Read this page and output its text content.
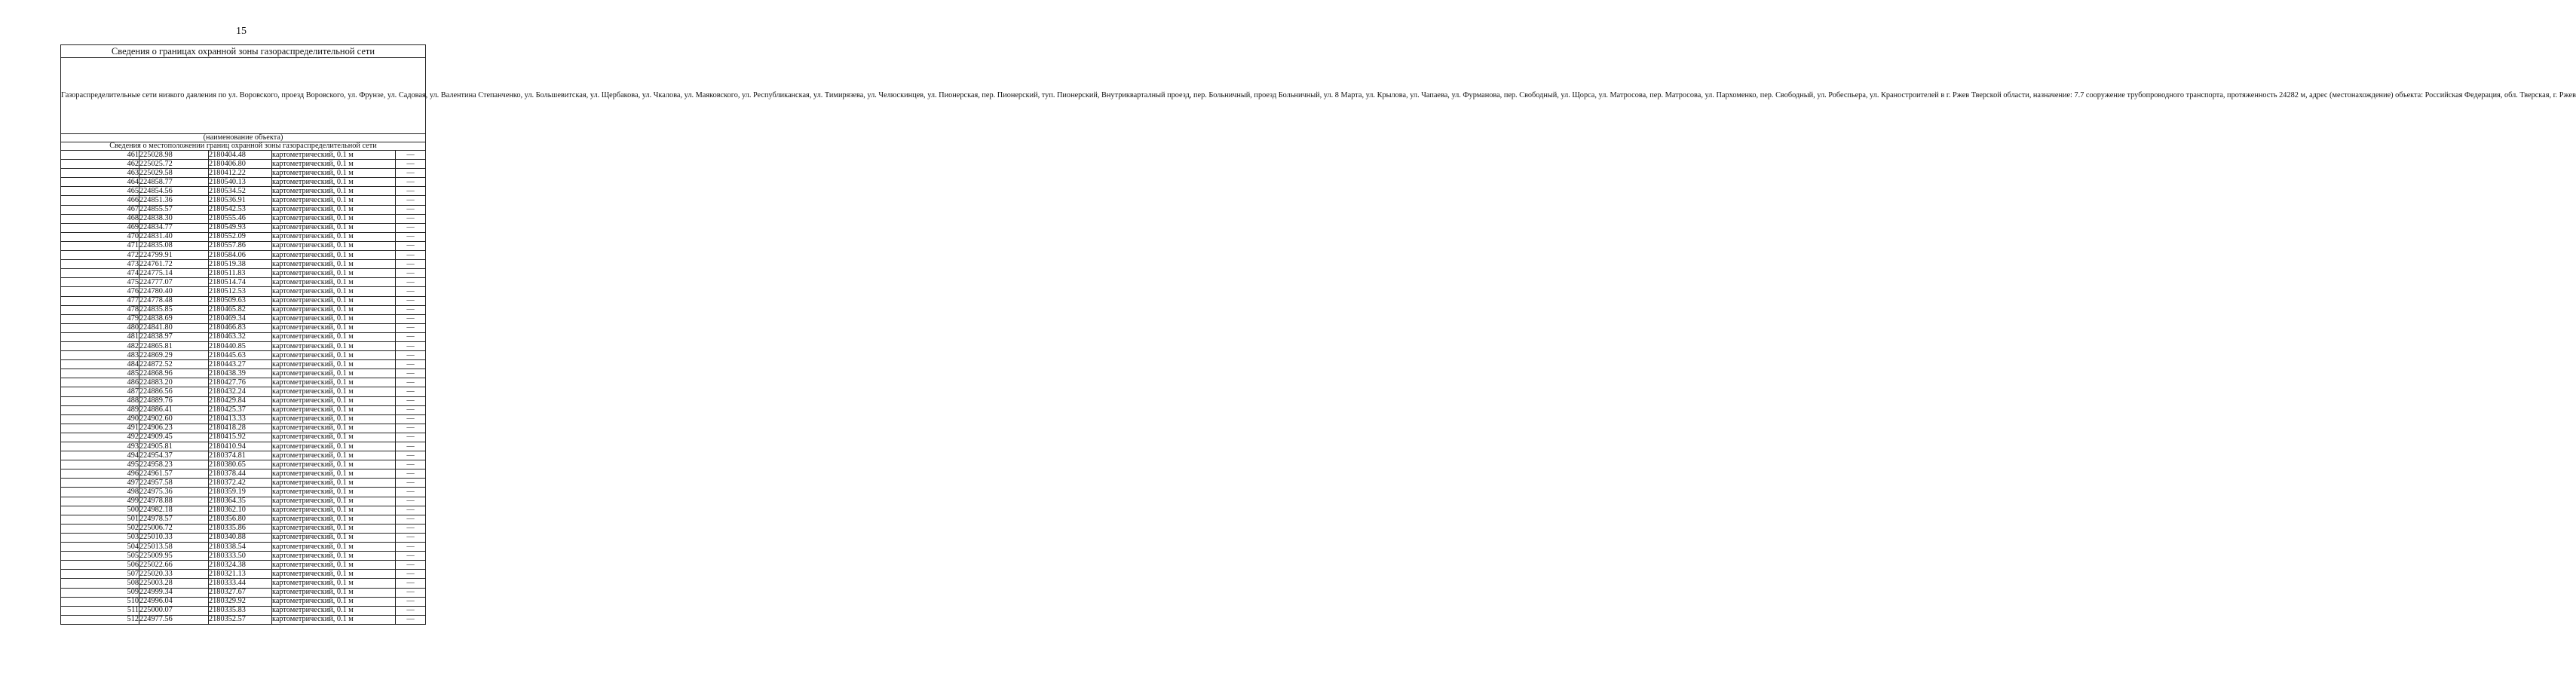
15
Сведения о границах охранной зоны газораспределительной сети				
Газораспределительные сети низкого давления по ул. Воровского, проезд Воровского, ул. Фрунзе, ул. Садовая, ул. Валентина Степанченко, ул. Большевитская, ул. Щербакова, ул. Чкалова, ул. Маяковского, ул. Республиканская, ул. Тимирязева, ул. Челюскинцев, ул. Пионерская, пер. Пионерский, туп. Пионерский, Внутрикварталный проезд, пер. Больничный, проезд Больничный, ул. 8 Марта, ул. Крылова, ул. Чапаева, ул. Фурманова, пер. Свободный, ул. Щорса, ул. Матросова, пер. Матросова, ул. Пархоменко, пер. Свободный, ул. Робеспьера, ул. Краностроителей в г. Ржев Тверской области, назначение: 7.7 сооружение трубопроводного транспорта, протяженность 24282 м, адрес (местонахождение) объекта: Российская Федерация, обл. Тверская, г. Ржев				
(наименование объекта)				
Сведения о местоположении границ охранной зоны газораспределительной сети				
461	225028.98	2180404.48	картометрический, 0.1 м	—
462	225025.72	2180406.80	картометрический, 0.1 м	—
463	225029.58	2180412.22	картометрический, 0.1 м	—
464	224858.77	2180540.13	картометрический, 0.1 м	—
465	224854.56	2180534.52	картометрический, 0.1 м	—
466	224851.36	2180536.91	картометрический, 0.1 м	—
467	224855.57	2180542.53	картометрический, 0.1 м	—
468	224838.30	2180555.46	картометрический, 0.1 м	—
469	224834.77	2180549.93	картометрический, 0.1 м	—
470	224831.40	2180552.09	картометрический, 0.1 м	—
471	224835.08	2180557.86	картометрический, 0.1 м	—
472	224799.91	2180584.06	картометрический, 0.1 м	—
473	224761.72	2180519.38	картометрический, 0.1 м	—
474	224775.14	2180511.83	картометрический, 0.1 м	—
475	224777.07	2180514.74	картометрический, 0.1 м	—
476	224780.40	2180512.53	картометрический, 0.1 м	—
477	224778.48	2180509.63	картометрический, 0.1 м	—
478	224835.85	2180465.82	картометрический, 0.1 м	—
479	224838.69	2180469.34	картометрический, 0.1 м	—
480	224841.80	2180466.83	картометрический, 0.1 м	—
481	224838.97	2180463.32	картометрический, 0.1 м	—
482	224865.81	2180440.85	картометрический, 0.1 м	—
483	224869.29	2180445.63	картометрический, 0.1 м	—
484	224872.52	2180443.27	картометрический, 0.1 м	—
485	224868.96	2180438.39	картометрический, 0.1 м	—
486	224883.20	2180427.76	картометрический, 0.1 м	—
487	224886.56	2180432.24	картометрический, 0.1 м	—
488	224889.76	2180429.84	картометрический, 0.1 м	—
489	224886.41	2180425.37	картометрический, 0.1 м	—
490	224902.60	2180413.33	картометрический, 0.1 м	—
491	224906.23	2180418.28	картометрический, 0.1 м	—
492	224909.45	2180415.92	картометрический, 0.1 м	—
493	224905.81	2180410.94	картометрический, 0.1 м	—
494	224954.37	2180374.81	картометрический, 0.1 м	—
495	224958.23	2180380.65	картометрический, 0.1 м	—
496	224961.57	2180378.44	картометрический, 0.1 м	—
497	224957.58	2180372.42	картометрический, 0.1 м	—
498	224975.36	2180359.19	картометрический, 0.1 м	—
499	224978.88	2180364.35	картометрический, 0.1 м	—
500	224982.18	2180362.10	картометрический, 0.1 м	—
501	224978.57	2180356.80	картометрический, 0.1 м	—
502	225006.72	2180335.86	картометрический, 0.1 м	—
503	225010.33	2180340.88	картометрический, 0.1 м	—
504	225013.58	2180338.54	картометрический, 0.1 м	—
505	225009.95	2180333.50	картометрический, 0.1 м	—
506	225022.66	2180324.38	картометрический, 0.1 м	—
507	225020.33	2180321.13	картометрический, 0.1 м	—
508	225003.28	2180333.44	картометрический, 0.1 м	—
509	224999.34	2180327.67	картометрический, 0.1 м	—
510	224996.04	2180329.92	картометрический, 0.1 м	—
511	225000.07	2180335.83	картометрический, 0.1 м	—
512	224977.56	2180352.57	картометрический, 0.1 м	—
